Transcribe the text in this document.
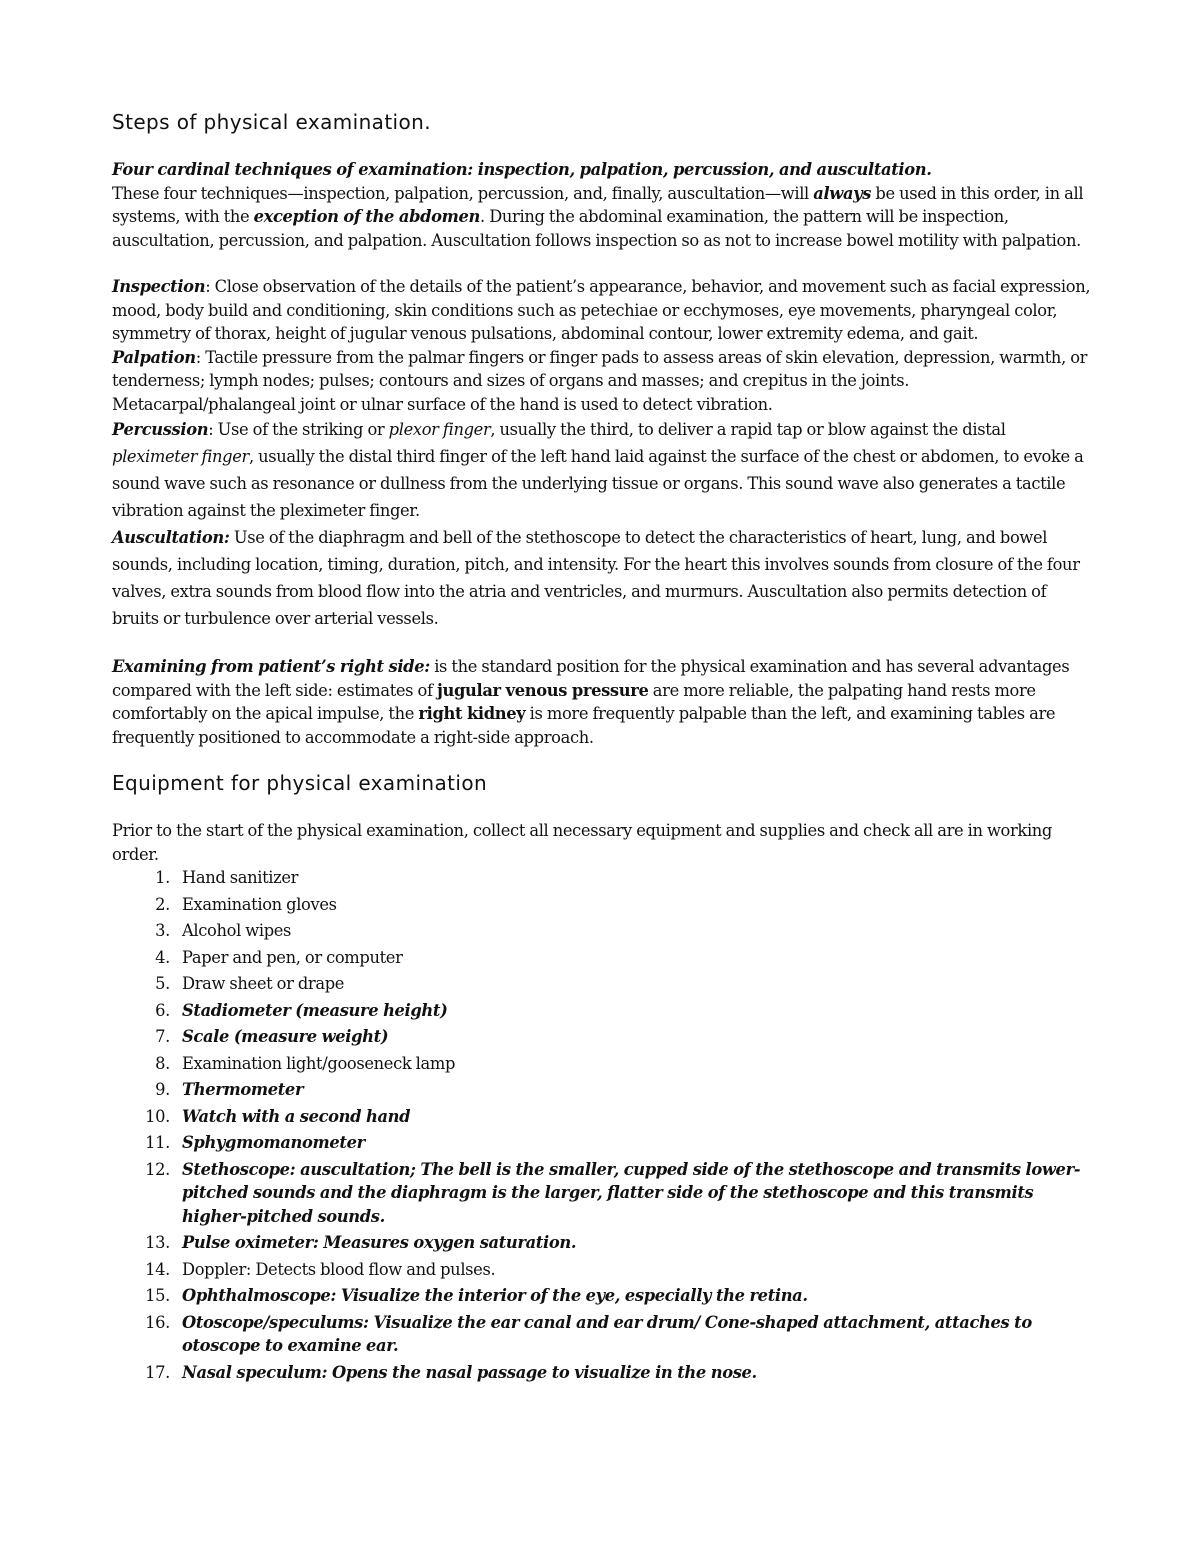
Steps of physical examination.

Four cardinal techniques of examination: inspection, palpation, percussion, and auscultation.

These four techniques—inspection, palpation, percussion, and, finally, auscultation—will always be used in this order, in all systems, with the exception of the abdomen. During the abdominal examination, the pattern will be inspection, auscultation, percussion, and palpation. Auscultation follows inspection so as not to increase bowel motility with palpation.

Inspection: Close observation of the details of the patient’s appearance, behavior, and movement such as facial expression, mood, body build and conditioning, skin conditions such as petechiae or ecchymoses, eye movements, pharyngeal color, symmetry of thorax, height of jugular venous pulsations, abdominal contour, lower extremity edema, and gait.

Palpation: Tactile pressure from the palmar fingers or finger pads to assess areas of skin elevation, depression, warmth, or tenderness; lymph nodes; pulses; contours and sizes of organs and masses; and crepitus in the joints. Metacarpal/phalangeal joint or ulnar surface of the hand is used to detect vibration.

Percussion: Use of the striking or plexor finger, usually the third, to deliver a rapid tap or blow against the distal pleximeter finger, usually the distal third finger of the left hand laid against the surface of the chest or abdomen, to evoke a sound wave such as resonance or dullness from the underlying tissue or organs. This sound wave also generates a tactile vibration against the pleximeter finger.

Auscultation: Use of the diaphragm and bell of the stethoscope to detect the characteristics of heart, lung, and bowel sounds, including location, timing, duration, pitch, and intensity. For the heart this involves sounds from closure of the four valves, extra sounds from blood flow into the atria and ventricles, and murmurs. Auscultation also permits detection of bruits or turbulence over arterial vessels.

Examining from patient’s right side: is the standard position for the physical examination and has several advantages compared with the left side: estimates of jugular venous pressure are more reliable, the palpating hand rests more comfortably on the apical impulse, the right kidney is more frequently palpable than the left, and examining tables are frequently positioned to accommodate a right-side approach.

Equipment for physical examination

Prior to the start of the physical examination, collect all necessary equipment and supplies and check all are in working order.

1. Hand sanitizer
2. Examination gloves
3. Alcohol wipes
4. Paper and pen, or computer
5. Draw sheet or drape
6. Stadiometer (measure height)
7. Scale (measure weight)
8. Examination light/gooseneck lamp
9. Thermometer
10. Watch with a second hand
11. Sphygmomanometer
12. Stethoscope: auscultation; The bell is the smaller, cupped side of the stethoscope and transmits lower-pitched sounds and the diaphragm is the larger, flatter side of the stethoscope and this transmits higher-pitched sounds.
13. Pulse oximeter: Measures oxygen saturation.
14. Doppler: Detects blood flow and pulses.
15. Ophthalmoscope: Visualize the interior of the eye, especially the retina.
16. Otoscope/speculums: Visualize the ear canal and ear drum/ Cone-shaped attachment, attaches to otoscope to examine ear.
17. Nasal speculum: Opens the nasal passage to visualize in the nose.
